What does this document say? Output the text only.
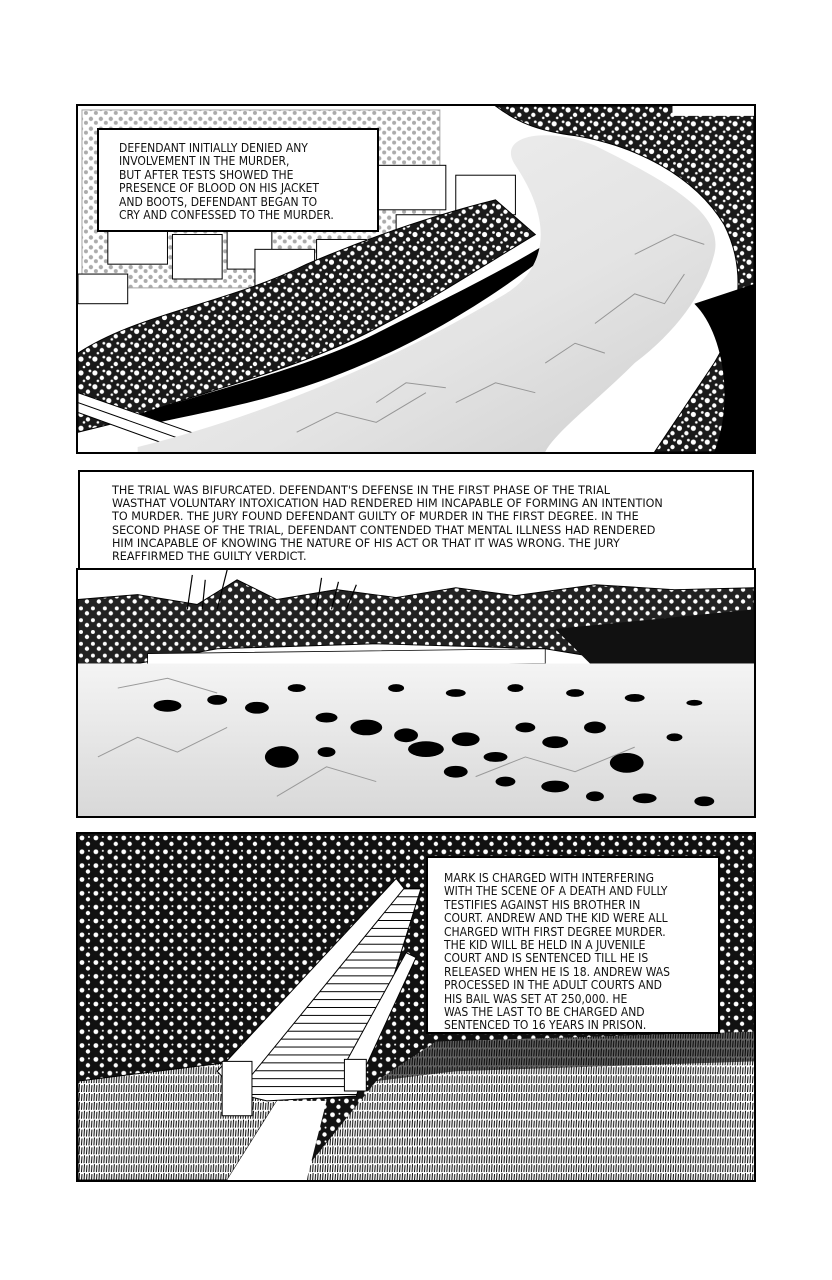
DEFENDANT INITIALLY DENIED ANY
INVOLVEMENT IN THE MURDER,
BUT AFTER TESTS SHOWED THE
PRESENCE OF BLOOD ON HIS JACKET
AND BOOTS, DEFENDANT BEGAN TO
CRY AND CONFESSED TO THE MURDER.
THE TRIAL WAS BIFURCATED. DEFENDANT'S DEFENSE IN THE FIRST PHASE OF THE TRIAL
WASTHAT VOLUNTARY INTOXICATION HAD RENDERED HIM INCAPABLE OF FORMING AN INTENTION
TO MURDER. THE JURY FOUND DEFENDANT GUILTY OF MURDER IN THE FIRST DEGREE. IN THE
SECOND PHASE OF THE TRIAL, DEFENDANT CONTENDED THAT MENTAL ILLNESS HAD RENDERED
HIM INCAPABLE OF KNOWING THE NATURE OF HIS ACT OR THAT IT WAS WRONG. THE JURY
REAFFIRMED THE GUILTY VERDICT.
MARK IS CHARGED WITH INTERFERING
WITH THE SCENE OF A DEATH AND FULLY
TESTIFIES AGAINST HIS BROTHER IN
COURT. ANDREW AND THE KID WERE ALL
CHARGED WITH FIRST DEGREE MURDER.
THE KID WILL BE HELD IN A JUVENILE
COURT AND IS SENTENCED TILL HE IS
RELEASED WHEN HE IS 18. ANDREW WAS
PROCESSED IN THE ADULT COURTS AND
HIS BAIL WAS SET AT 250,000. HE
WAS THE LAST TO BE CHARGED AND
SENTENCED TO 16 YEARS IN PRISON.
